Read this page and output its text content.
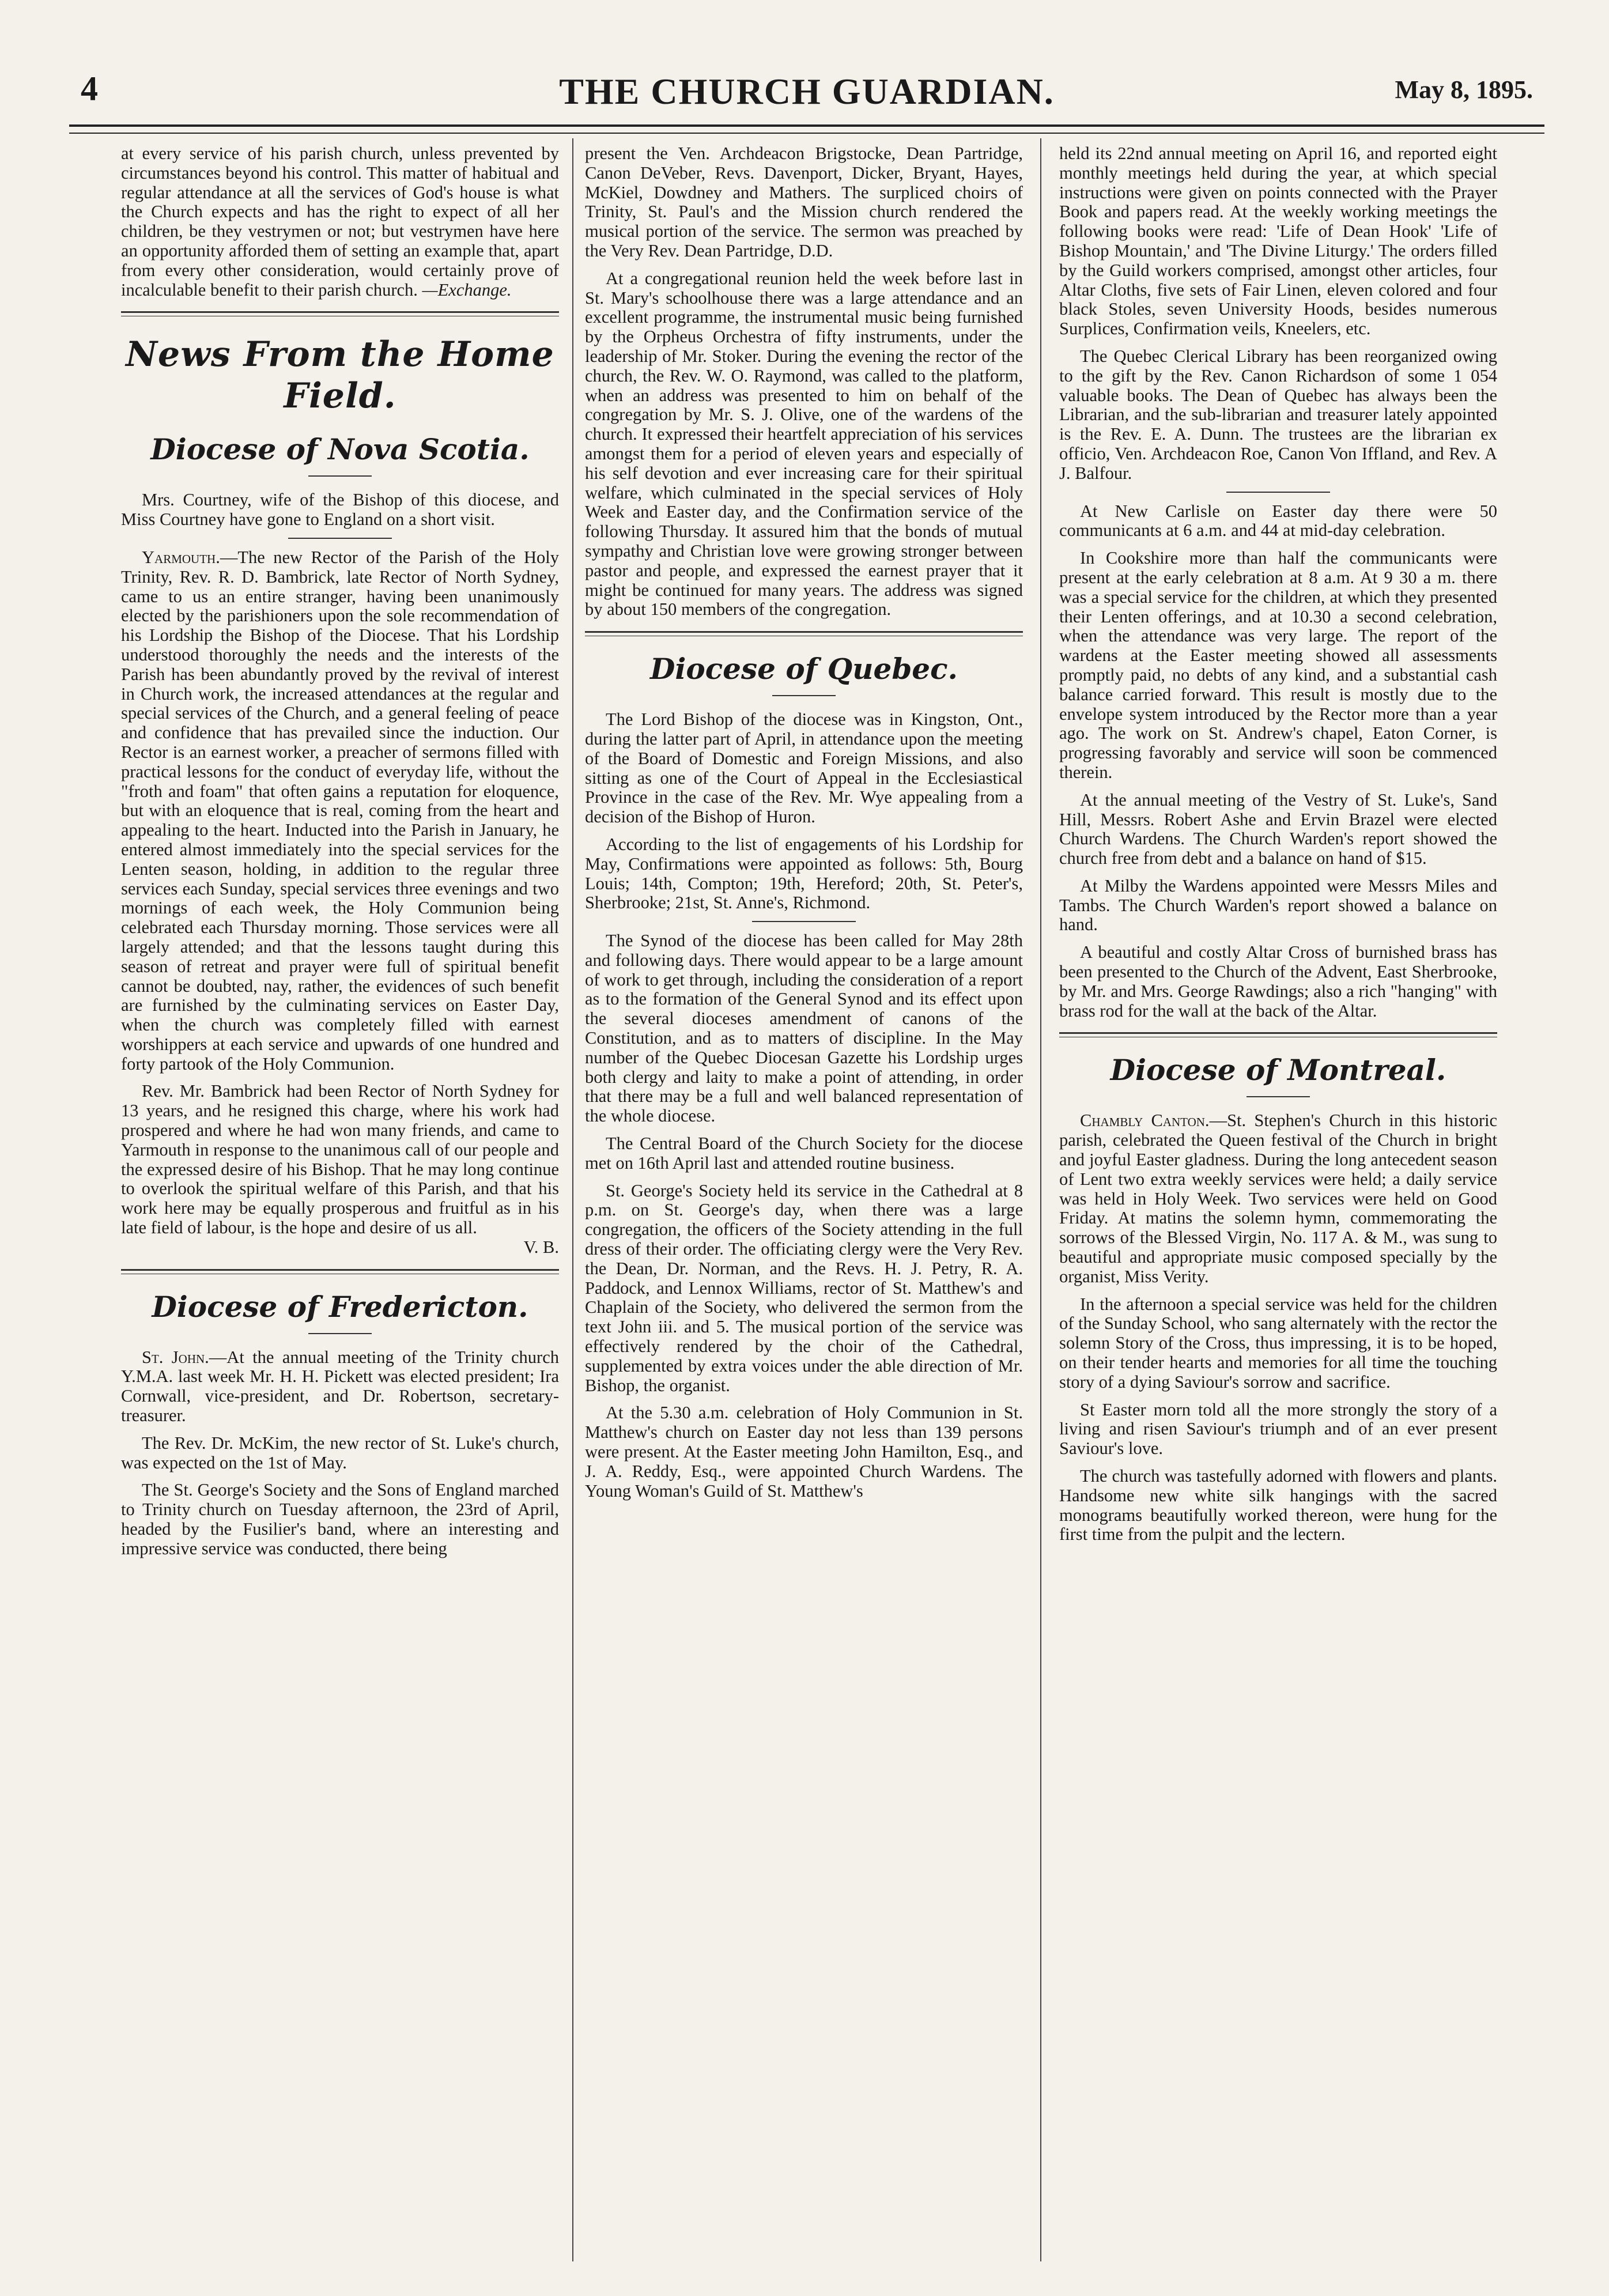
4	THE CHURCH GUARDIAN.	May 8, 1895.

at every service of his parish church, unless prevented by circumstances beyond his control. This matter of habitual and regular attendance at all the services of God's house is what the Church expects and has the right to expect of all her children, be they vestrymen or not; but vestrymen have here an opportunity afforded them of setting an example that, apart from every other consideration, would certainly prove of incalculable benefit to their parish church. —Exchange.

News From the Home Field.
Diocese of Nova Scotia.

Mrs. Courtney, wife of the Bishop of this diocese, and Miss Courtney have gone to England on a short visit.

Yarmouth.—The new Rector of the Parish of the Holy Trinity, Rev. R. D. Bambrick, late Rector of North Sydney, came to us an entire stranger, having been unanimously elected by the parishioners upon the sole recommendation of his Lordship the Bishop of the Diocese. That his Lordship understood thoroughly the needs and the interests of the Parish has been abundantly proved by the revival of interest in Church work, the increased attendances at the regular and special services of the Church, and a general feeling of peace and confidence that has prevailed since the induction. Our Rector is an earnest worker, a preacher of sermons filled with practical lessons for the conduct of everyday life, without the "froth and foam" that often gains a reputation for eloquence, but with an eloquence that is real, coming from the heart and appealing to the heart. Inducted into the Parish in January, he entered almost immediately into the special services for the Lenten season, holding, in addition to the regular three services each Sunday, special services three evenings and two mornings of each week, the Holy Communion being celebrated each Thursday morning. Those services were all largely attended; and that the lessons taught during this season of retreat and prayer were full of spiritual benefit cannot be doubted, nay, rather, the evidences of such benefit are furnished by the culminating services on Easter Day, when the church was completely filled with earnest worshippers at each service and upwards of one hundred and forty partook of the Holy Communion.

Rev. Mr. Bambrick had been Rector of North Sydney for 13 years, and he resigned this charge, where his work had prospered and where he had won many friends, and came to Yarmouth in response to the unanimous call of our people and the expressed desire of his Bishop. That he may long continue to overlook the spiritual welfare of this Parish, and that his work here may be equally prosperous and fruitful as in his late field of labour, is the hope and desire of us all.
V. B.

Diocese of Fredericton.

St. John.—At the annual meeting of the Trinity church Y.M.A. last week Mr. H. H. Pickett was elected president; Ira Cornwall, vice-president, and Dr. Robertson, secretary-treasurer.

The Rev. Dr. McKim, the new rector of St. Luke's church, was expected on the 1st of May.

The St. George's Society and the Sons of England marched to Trinity church on Tuesday afternoon, the 23rd of April, headed by the Fusilier's band, where an interesting and impressive service was conducted, there being

present the Ven. Archdeacon Brigstocke, Dean Partridge, Canon DeVeber, Revs. Davenport, Dicker, Bryant, Hayes, McKiel, Dowdney and Mathers. The surpliced choirs of Trinity, St. Paul's and the Mission church rendered the musical portion of the service. The sermon was preached by the Very Rev. Dean Partridge, D.D.

At a congregational reunion held the week before last in St. Mary's schoolhouse there was a large attendance and an excellent programme, the instrumental music being furnished by the Orpheus Orchestra of fifty instruments, under the leadership of Mr. Stoker. During the evening the rector of the church, the Rev. W. O. Raymond, was called to the platform, when an address was presented to him on behalf of the congregation by Mr. S. J. Olive, one of the wardens of the church. It expressed their heartfelt appreciation of his services amongst them for a period of eleven years and especially of his self devotion and ever increasing care for their spiritual welfare, which culminated in the special services of Holy Week and Easter day, and the Confirmation service of the following Thursday. It assured him that the bonds of mutual sympathy and Christian love were growing stronger between pastor and people, and expressed the earnest prayer that it might be continued for many years. The address was signed by about 150 members of the congregation.

Diocese of Quebec.

The Lord Bishop of the diocese was in Kingston, Ont., during the latter part of April, in attendance upon the meeting of the Board of Domestic and Foreign Missions, and also sitting as one of the Court of Appeal in the Ecclesiastical Province in the case of the Rev. Mr. Wye appealing from a decision of the Bishop of Huron.

According to the list of engagements of his Lordship for May, Confirmations were appointed as follows: 5th, Bourg Louis; 14th, Compton; 19th, Hereford; 20th, St. Peter's, Sherbrooke; 21st, St. Anne's, Richmond.

The Synod of the diocese has been called for May 28th and following days. There would appear to be a large amount of work to get through, including the consideration of a report as to the formation of the General Synod and its effect upon the several dioceses amendment of canons of the Constitution, and as to matters of discipline. In the May number of the Quebec Diocesan Gazette his Lordship urges both clergy and laity to make a point of attending, in order that there may be a full and well balanced representation of the whole diocese.

The Central Board of the Church Society for the diocese met on 16th April last and attended routine business.

St. George's Society held its service in the Cathedral at 8 p.m. on St. George's day, when there was a large congregation, the officers of the Society attending in the full dress of their order. The officiating clergy were the Very Rev. the Dean, Dr. Norman, and the Revs. H. J. Petry, R. A. Paddock, and Lennox Williams, rector of St. Matthew's and Chaplain of the Society, who delivered the sermon from the text John iii. and 5. The musical portion of the service was effectively rendered by the choir of the Cathedral, supplemented by extra voices under the able direction of Mr. Bishop, the organist.

At the 5.30 a.m. celebration of Holy Communion in St. Matthew's church on Easter day not less than 139 persons were present. At the Easter meeting John Hamilton, Esq., and J. A. Reddy, Esq., were appointed Church Wardens. The Young Woman's Guild of St. Matthew's

held its 22nd annual meeting on April 16, and reported eight monthly meetings held during the year, at which special instructions were given on points connected with the Prayer Book and papers read. At the weekly working meetings the following books were read: 'Life of Dean Hook' 'Life of Bishop Mountain,' and 'The Divine Liturgy.' The orders filled by the Guild workers comprised, amongst other articles, four Altar Cloths, five sets of Fair Linen, eleven colored and four black Stoles, seven University Hoods, besides numerous Surplices, Confirmation veils, Kneelers, etc.

The Quebec Clerical Library has been reorganized owing to the gift by the Rev. Canon Richardson of some 1 054 valuable books. The Dean of Quebec has always been the Librarian, and the sub-librarian and treasurer lately appointed is the Rev. E. A. Dunn. The trustees are the librarian ex officio, Ven. Archdeacon Roe, Canon Von Iffland, and Rev. A J. Balfour.

At New Carlisle on Easter day there were 50 communicants at 6 a.m. and 44 at mid-day celebration.

In Cookshire more than half the communicants were present at the early celebration at 8 a.m. At 9 30 a m. there was a special service for the children, at which they presented their Lenten offerings, and at 10.30 a second celebration, when the attendance was very large. The report of the wardens at the Easter meeting showed all assessments promptly paid, no debts of any kind, and a substantial cash balance carried forward. This result is mostly due to the envelope system introduced by the Rector more than a year ago. The work on St. Andrew's chapel, Eaton Corner, is progressing favorably and service will soon be commenced therein.

At the annual meeting of the Vestry of St. Luke's, Sand Hill, Messrs. Robert Ashe and Ervin Brazel were elected Church Wardens. The Church Warden's report showed the church free from debt and a balance on hand of $15.

At Milby the Wardens appointed were Messrs Miles and Tambs. The Church Warden's report showed a balance on hand.

A beautiful and costly Altar Cross of burnished brass has been presented to the Church of the Advent, East Sherbrooke, by Mr. and Mrs. George Rawdings; also a rich "hanging" with brass rod for the wall at the back of the Altar.

Diocese of Montreal.

Chambly Canton.—St. Stephen's Church in this historic parish, celebrated the Queen festival of the Church in bright and joyful Easter gladness. During the long antecedent season of Lent two extra weekly services were held; a daily service was held in Holy Week. Two services were held on Good Friday. At matins the solemn hymn, commemorating the sorrows of the Blessed Virgin, No. 117 A. & M., was sung to beautiful and appropriate music composed specially by the organist, Miss Verity.

In the afternoon a special service was held for the children of the Sunday School, who sang alternately with the rector the solemn Story of the Cross, thus impressing, it is to be hoped, on their tender hearts and memories for all time the touching story of a dying Saviour's sorrow and sacrifice.

St Easter morn told all the more strongly the story of a living and risen Saviour's triumph and of an ever present Saviour's love.

The church was tastefully adorned with flowers and plants. Handsome new white silk hangings with the sacred monograms beautifully worked thereon, were hung for the first time from the pulpit and the lectern.
